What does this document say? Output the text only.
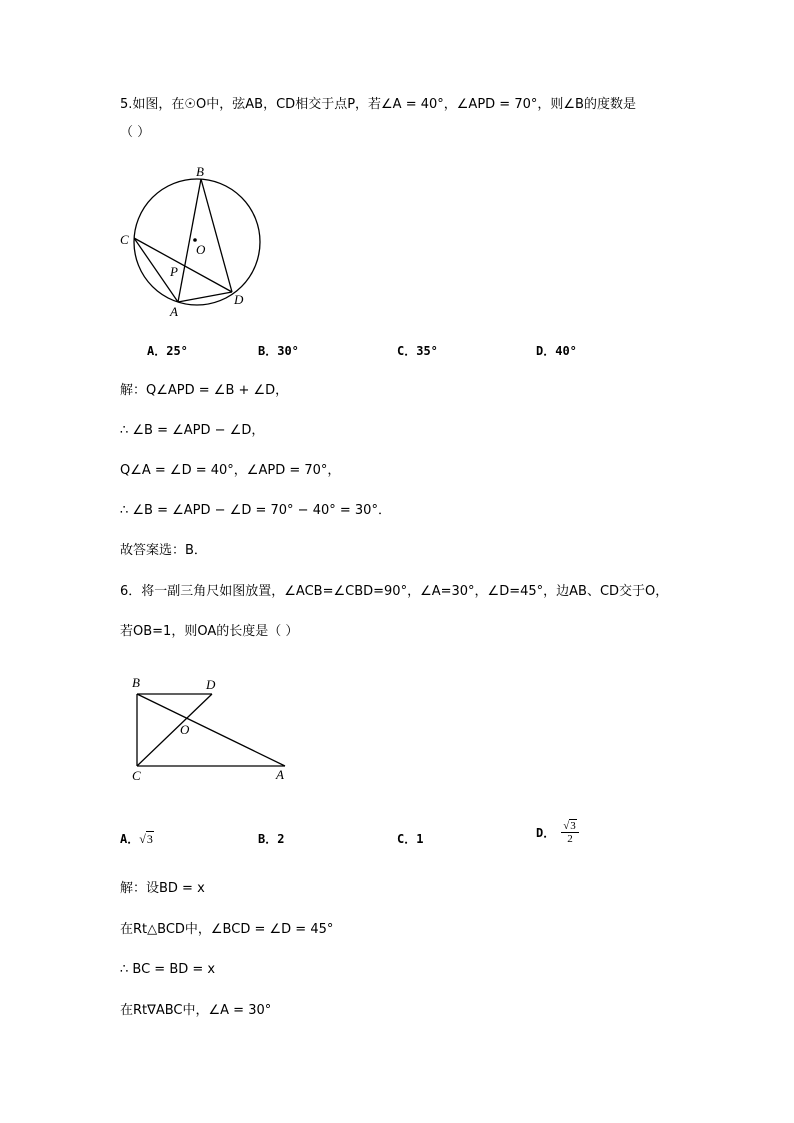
5.如图，在☉O中，弦AB，CD相交于点P，若∠A = 40°，∠APD = 70°，则∠B的度数是
（ ）
B
C
O
P
A
D
A．25°	B．30°	C．35°	D．40°
解：Q∠APD = ∠B + ∠D，
∴ ∠B = ∠APD − ∠D，
Q∠A = ∠D = 40°，∠APD = 70°，
∴ ∠B = ∠APD − ∠D = 70° − 40° = 30°．
故答案选：B．
6．将一副三角尺如图放置，∠ACB=∠CBD=90°，∠A=30°，∠D=45°，边AB、CD交于O，
若OB=1，则OA的长度是（ ）
B	D
O
C	A
A．√3	B．2	C．1	D． $\frac{√3}{2}$
解：设BD = x
在Rt△BCD中，∠BCD = ∠D = 45°
∴ BC = BD = x
在Rt∇ABC中，∠A = 30°
